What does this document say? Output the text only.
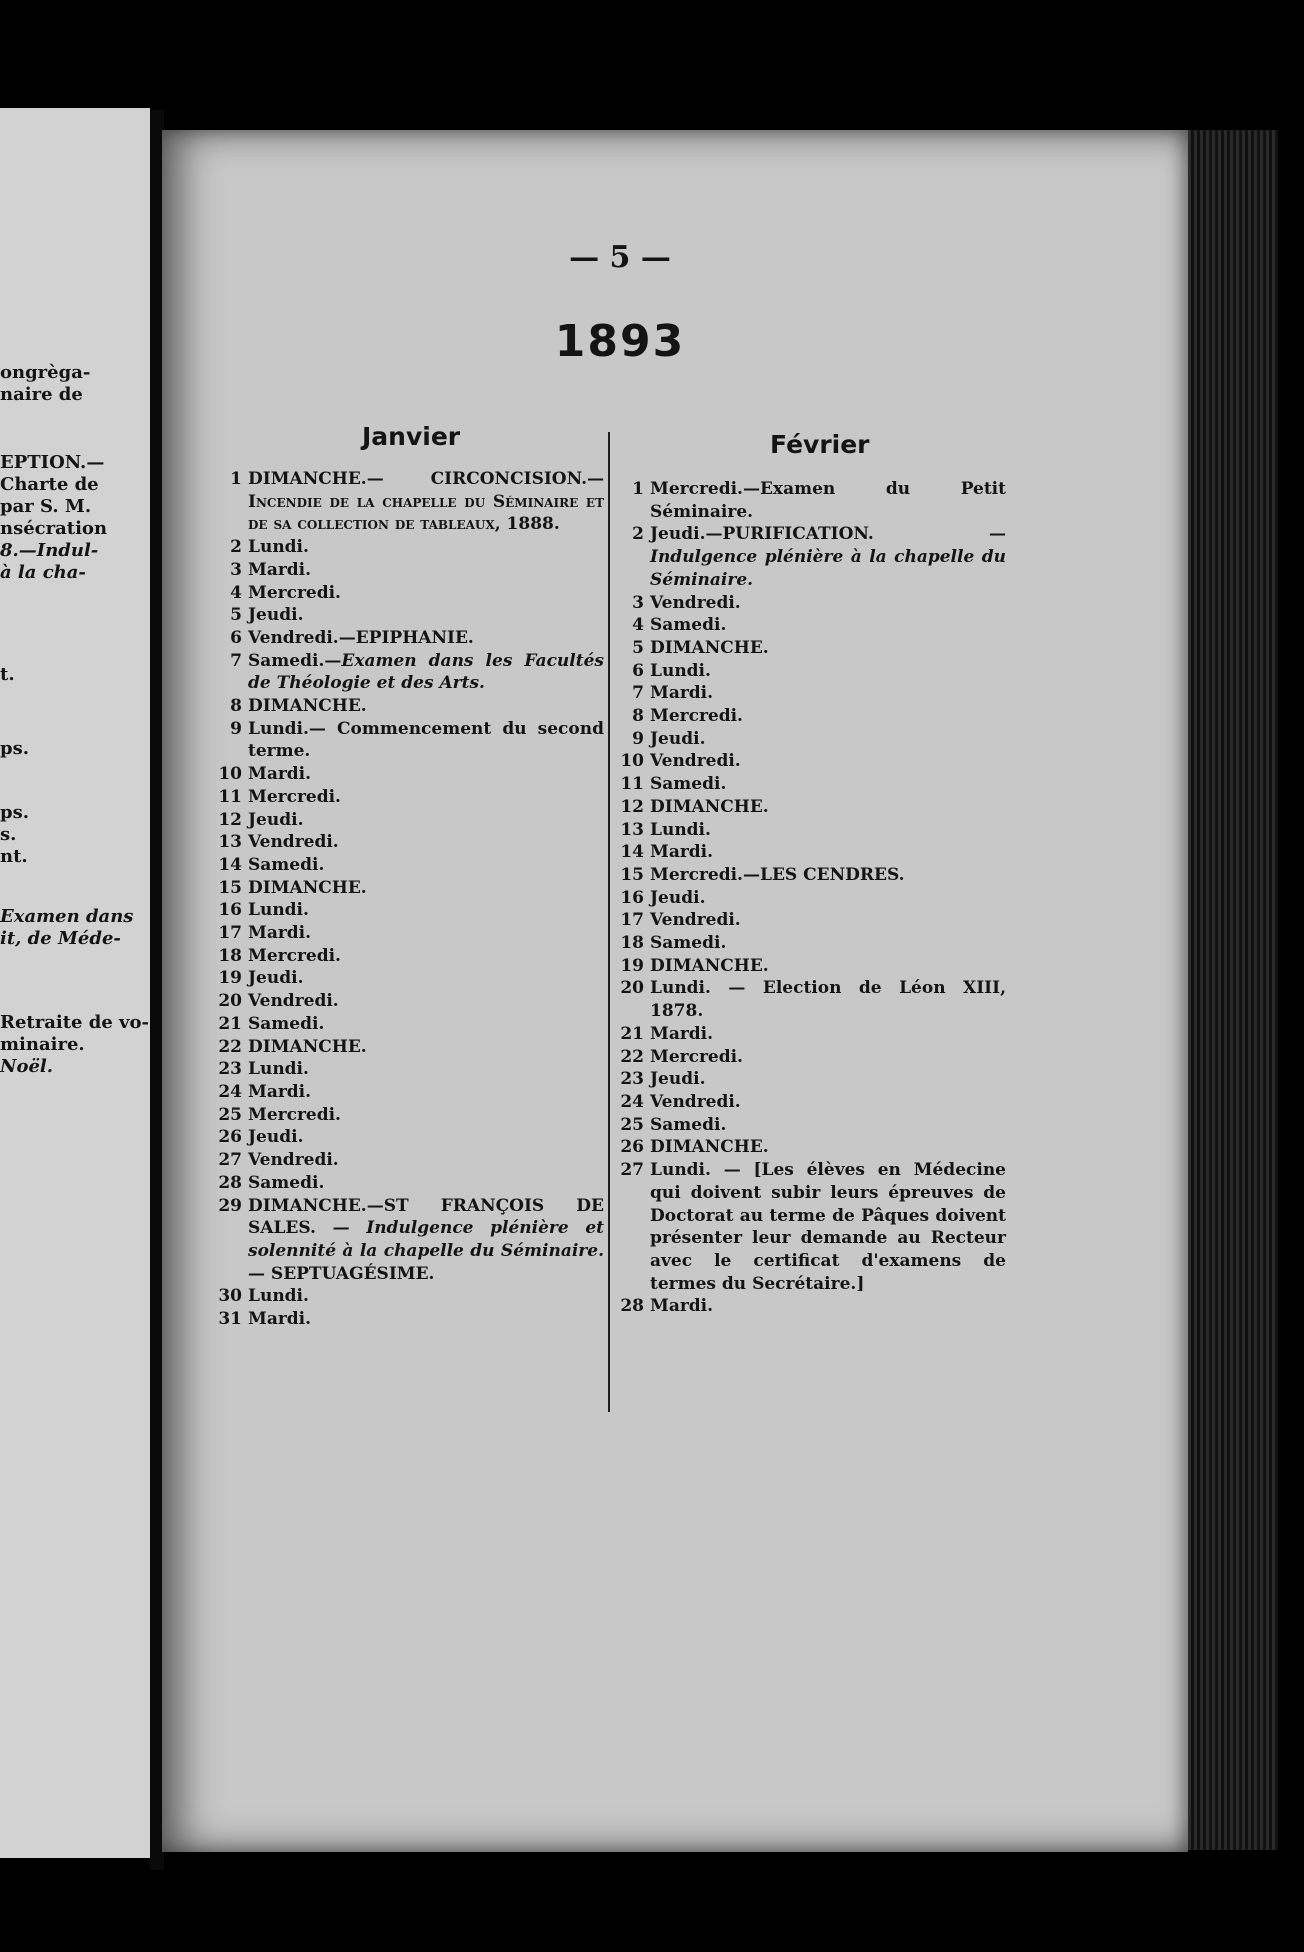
ongrèga-
naire de
EPTION.—
Charte de
par S. M.
nsécration
8.—Indul-
à la cha-
t.
ps.
ps.
s.
nt.
Examen dans
it, de Méde-
Retraite de vo-
minaire.
Noël.
— 5 —
1893
Janvier	Février
1 DIMANCHE.— CIRCONCISION.— Incendie de la chapelle du Séminaire et de sa collection de tableaux, 1888.
2 Lundi.
3 Mardi.
4 Mercredi.
5 Jeudi.
6 Vendredi.—EPIPHANIE.
7 Samedi.—Examen dans les Facultés de Théologie et des Arts.
8 DIMANCHE.
9 Lundi.— Commencement du second terme.
10 Mardi.
11 Mercredi.
12 Jeudi.
13 Vendredi.
14 Samedi.
15 DIMANCHE.
16 Lundi.
17 Mardi.
18 Mercredi.
19 Jeudi.
20 Vendredi.
21 Samedi.
22 DIMANCHE.
23 Lundi.
24 Mardi.
25 Mercredi.
26 Jeudi.
27 Vendredi.
28 Samedi.
29 DIMANCHE.—ST FRANÇOIS DE SALES. — Indulgence plénière et solennité à la chapelle du Séminaire.— SEPTUAGÉSIME.
30 Lundi.
31 Mardi.
1 Mercredi.—Examen du Petit Séminaire.
2 Jeudi.—PURIFICATION. — Indulgence plénière à la chapelle du Séminaire.
3 Vendredi.
4 Samedi.
5 DIMANCHE.
6 Lundi.
7 Mardi.
8 Mercredi.
9 Jeudi.
10 Vendredi.
11 Samedi.
12 DIMANCHE.
13 Lundi.
14 Mardi.
15 Mercredi.—LES CENDRES.
16 Jeudi.
17 Vendredi.
18 Samedi.
19 DIMANCHE.
20 Lundi. — Election de Léon XIII, 1878.
21 Mardi.
22 Mercredi.
23 Jeudi.
24 Vendredi.
25 Samedi.
26 DIMANCHE.
27 Lundi. — [Les élèves en Médecine qui doivent subir leurs épreuves de Doctorat au terme de Pâques doivent présenter leur demande au Recteur avec le certificat d'examens de termes du Secrétaire.]
28 Mardi.
